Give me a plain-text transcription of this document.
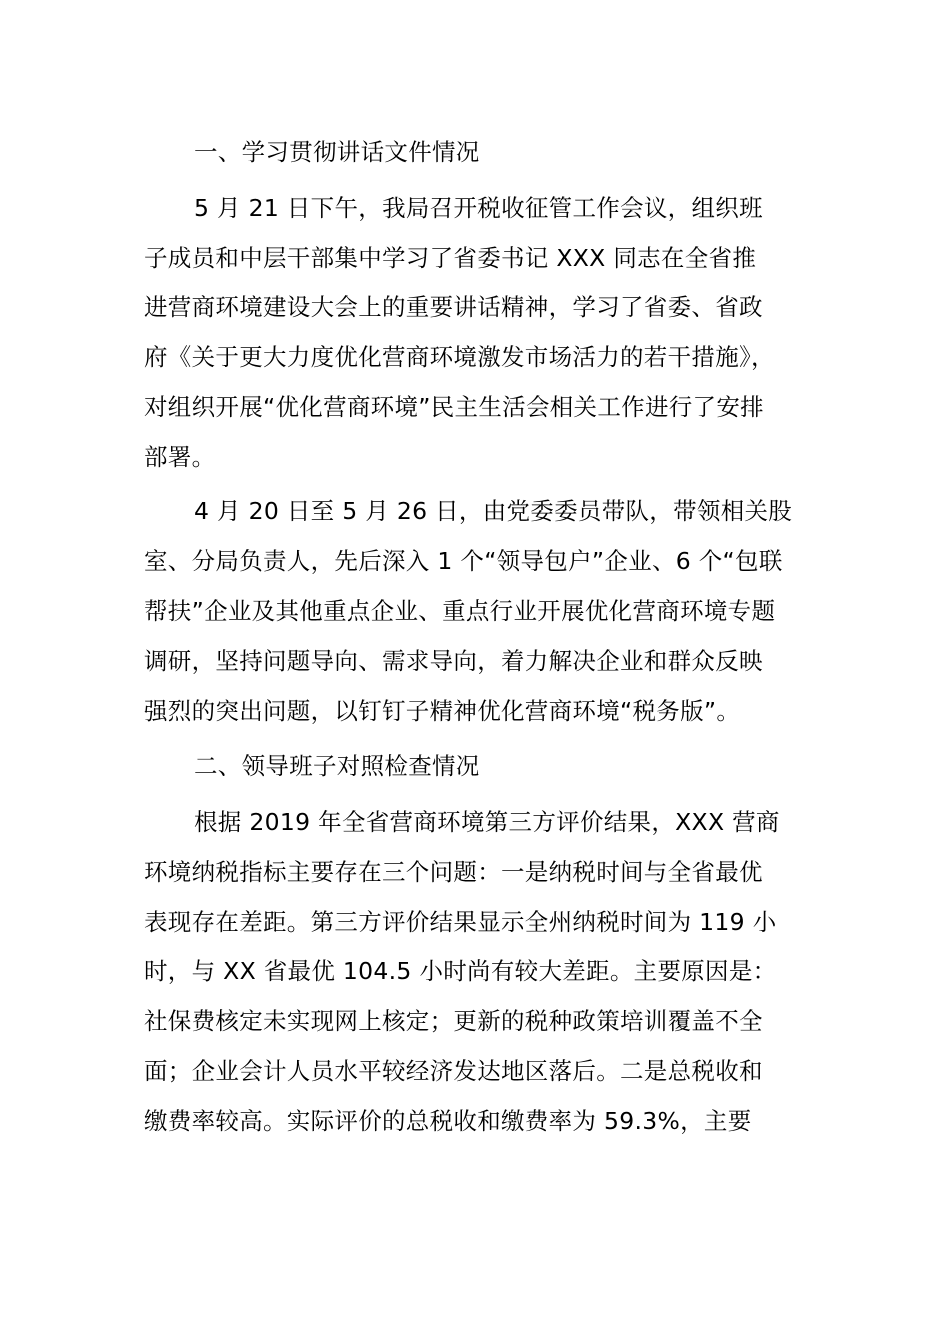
一、学习贯彻讲话文件情况
5 月 21 日下午，我局召开税收征管工作会议，组织班
子成员和中层干部集中学习了省委书记 XXX 同志在全省推
进营商环境建设大会上的重要讲话精神，学习了省委、省政
府《关于更大力度优化营商环境激发市场活力的若干措施》，
对组织开展“优化营商环境”民主生活会相关工作进行了安排
部署。
4 月 20 日至 5 月 26 日，由党委委员带队，带领相关股
室、分局负责人，先后深入 1 个“领导包户”企业、6 个“包联
帮扶”企业及其他重点企业、重点行业开展优化营商环境专题
调研，坚持问题导向、需求导向，着力解决企业和群众反映
强烈的突出问题，以钉钉子精神优化营商环境“税务版”。
二、领导班子对照检查情况
根据 2019 年全省营商环境第三方评价结果，XXX 营商
环境纳税指标主要存在三个问题：一是纳税时间与全省最优
表现存在差距。第三方评价结果显示全州纳税时间为 119 小
时，与 XX 省最优 104.5 小时尚有较大差距。主要原因是：
社保费核定未实现网上核定；更新的税种政策培训覆盖不全
面；企业会计人员水平较经济发达地区落后。二是总税收和
缴费率较高。实际评价的总税收和缴费率为 59.3%，主要
